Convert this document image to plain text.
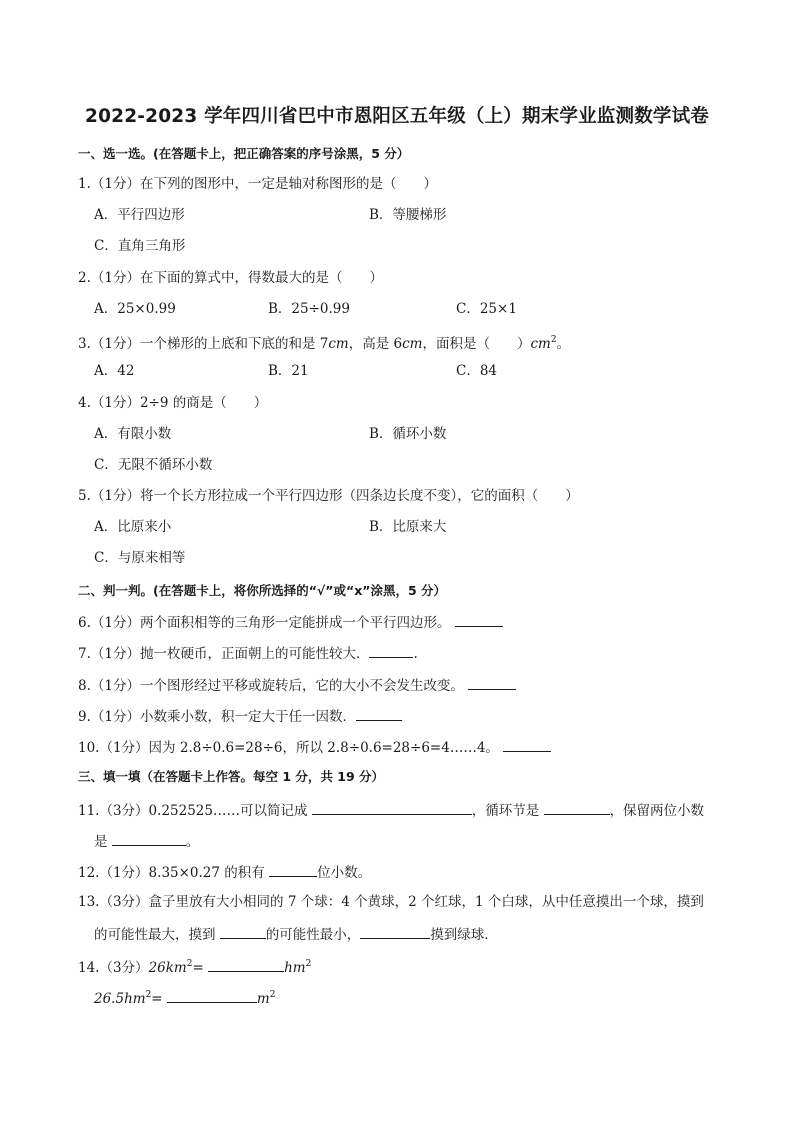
2022-2023 学年四川省巴中市恩阳区五年级（上）期末学业监测数学试卷
一、选一选。(在答题卡上，把正确答案的序号涂黑，5 分）
1.（1分）在下列的图形中，一定是轴对称图形的是（　　）
A．平行四边形	B．等腰梯形
C．直角三角形
2.（1分）在下面的算式中，得数最大的是（　　）
A．25×0.99	B．25÷0.99	C．25×1
3.（1分）一个梯形的上底和下底的和是 7cm，高是 6cm，面积是（　　）$cm^2$。
A．42	B．21	C．84
4.（1分）2÷9 的商是（　　）
A．有限小数	B．循环小数
C．无限不循环小数
5.（1分）将一个长方形拉成一个平行四边形（四条边长度不变），它的面积（　　）
A．比原来小	B．比原来大
C．与原来相等
二、判一判。(在答题卡上，将你所选择的“√”或“x”涂黑，5 分）
6.（1分）两个面积相等的三角形一定能拼成一个平行四边形。
7.（1分）抛一枚硬币，正面朝上的可能性较大．	.
8.（1分）一个图形经过平移或旋转后，它的大小不会发生改变。
9.（1分）小数乘小数，积一定大于任一因数．
10.（1分）因为 2.8÷0.6=28÷6，所以 2.8÷0.6=28÷6=4……4。
三、填一填（在答题卡上作答。每空 1 分，共 19 分）
11.（3分）0.252525……可以简记成	，循环节是	，保留两位小数
是	。
12.（1分）8.35×0.27 的积有	位小数。
13.（3分）盒子里放有大小相同的 7 个球：4 个黄球，2 个红球，1 个白球，从中任意摸出一个球，摸到
的可能性最大，摸到	的可能性最小，	摸到绿球．
14.（3分）$26km^2=$	$hm^2$
$26.5hm^2=$	$m^2$
